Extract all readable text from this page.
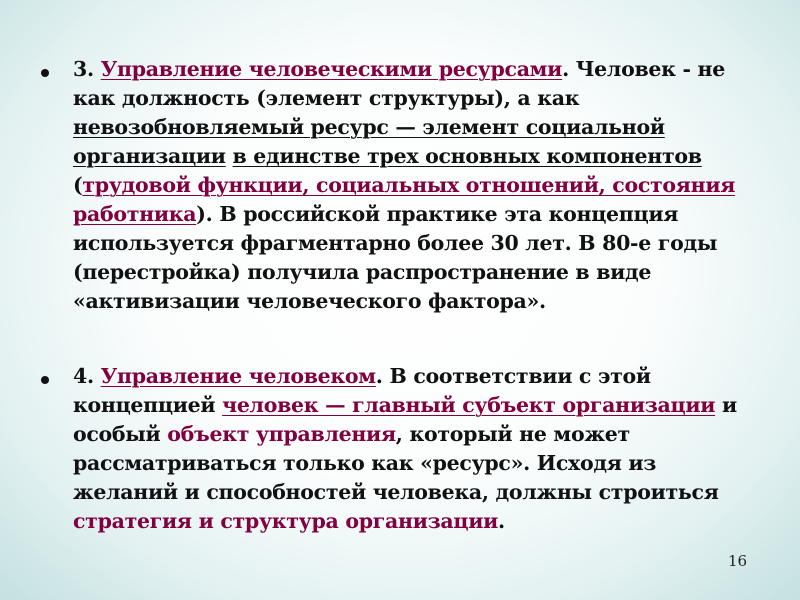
3. Управление человеческими ресурсами. Человек - не как должность (элемент структуры), а как невозобновляемый ресурс — элемент социальной организации в единстве трех основных компонентов (трудовой функции, социальных отношений, состояния работника). В российской практике эта концепция используется фрагментарно более 30 лет. В 80-е годы (перестройка) получила распространение в виде «активизации человеческого фактора».

4. Управление человеком. В соответствии с этой концепцией человек — главный субъект организации и особый объект управления, который не может рассматриваться только как «ресурс». Исходя из желаний и способностей человека, должны строиться стратегия и структура организации.

16
